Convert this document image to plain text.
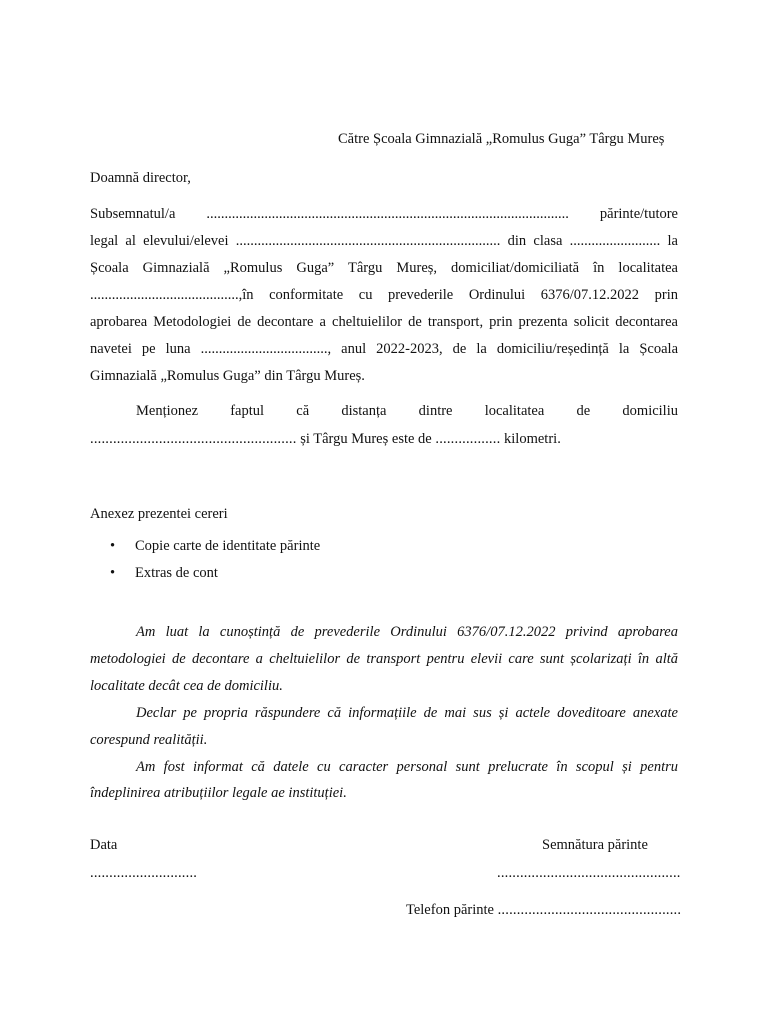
Către Școala Gimnazială „Romulus Guga” Târgu Mureș
Doamnă director,
Subsemnatul/a .................................................................................................... părinte/tutore
legal al elevului/elevei ......................................................................... din clasa ......................... la
Școala Gimnazială „Romulus Guga” Târgu Mureș, domiciliat/domiciliată în localitatea
.........................................,în conformitate cu prevederile Ordinului 6376/07.12.2022 prin
aprobarea Metodologiei de decontare a cheltuielilor de transport, prin prezenta solicit decontarea
navetei pe luna ..................................., anul 2022-2023, de la domiciliu/reședință la Școala
Gimnazială „Romulus Guga” din Târgu Mureș.
Menționez faptul că distanța dintre localitatea de domiciliu
...................................................... și Târgu Mureș este de ................. kilometri.
Anexez prezentei cereri
• Copie carte de identitate părinte
• Extras de cont
Am luat la cunoștință de prevederile Ordinului 6376/07.12.2022 privind aprobarea
metodologiei de decontare a cheltuielilor de transport pentru elevii care sunt școlarizați în altă
localitate decât cea de domiciliu.
Declar pe propria răspundere că informațiile de mai sus și actele doveditoare anexate
corespund realității.
Am fost informat că datele cu caracter personal sunt prelucrate în scopul și pentru
îndeplinirea atribuțiilor legale ae instituției.
Data
............................
Semnătura părinte
................................................
Telefon părinte ................................................
